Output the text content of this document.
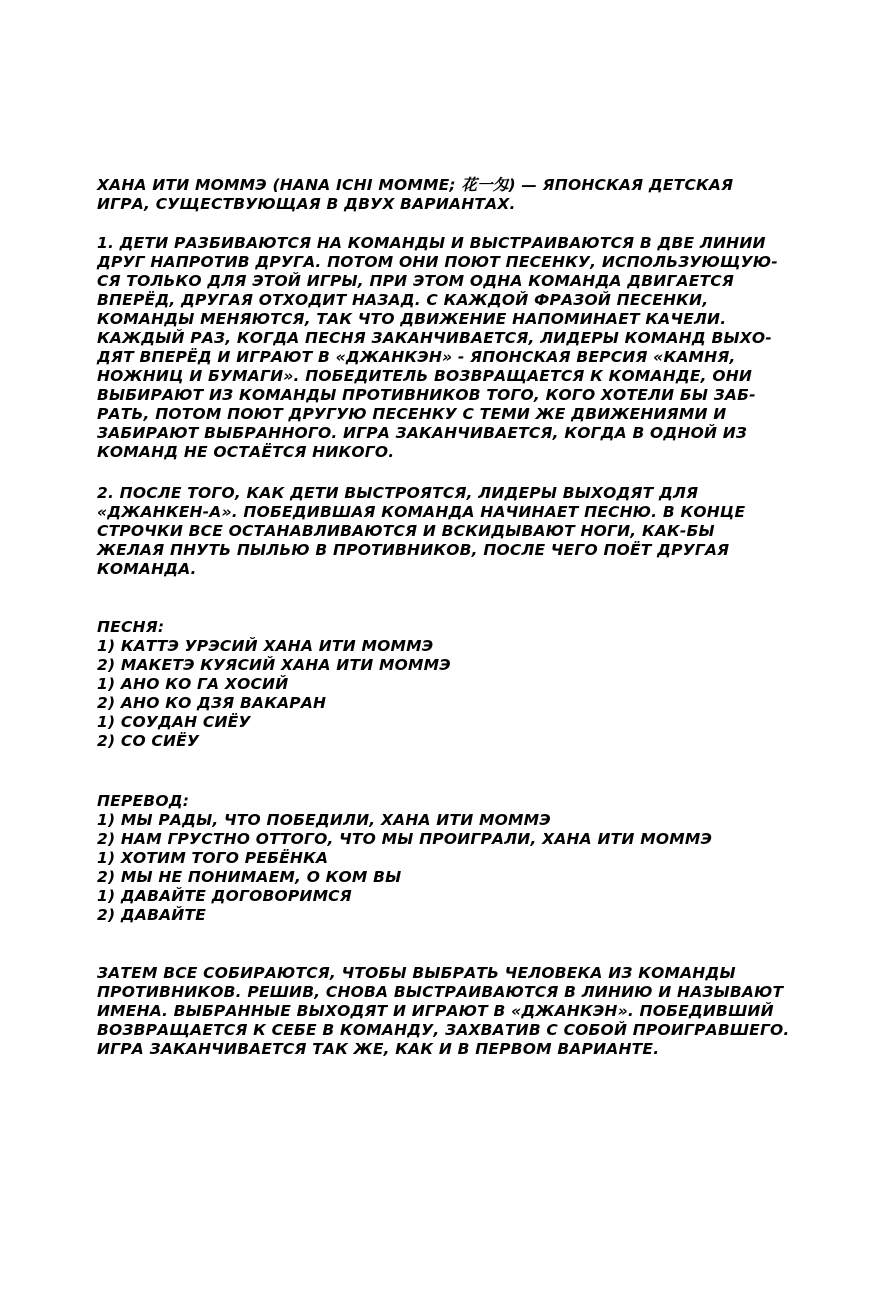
ХАНА ИТИ МОММЭ (HANA ICHI MOMME; 花一匁) — ЯПОНСКАЯ ДЕТСКАЯ
ИГРА, СУЩЕСТВУЮЩАЯ В ДВУХ ВАРИАНТАХ.
1. ДЕТИ РАЗБИВАЮТСЯ НА КОМАНДЫ И ВЫСТРАИВАЮТСЯ В ДВЕ ЛИНИИ
ДРУГ НАПРОТИВ ДРУГА. ПОТОМ ОНИ ПОЮТ ПЕСЕНКУ, ИСПОЛЬЗУЮЩУЮ-
СЯ ТОЛЬКО ДЛЯ ЭТОЙ ИГРЫ, ПРИ ЭТОМ ОДНА КОМАНДА ДВИГАЕТСЯ
ВПЕРЁД, ДРУГАЯ ОТХОДИТ НАЗАД. С КАЖДОЙ ФРАЗОЙ ПЕСЕНКИ,
КОМАНДЫ МЕНЯЮТСЯ, ТАК ЧТО ДВИЖЕНИЕ НАПОМИНАЕТ КАЧЕЛИ.
КАЖДЫЙ РАЗ, КОГДА ПЕСНЯ ЗАКАНЧИВАЕТСЯ, ЛИДЕРЫ КОМАНД ВЫХО-
ДЯТ ВПЕРЁД И ИГРАЮТ В «ДЖАНКЭН» - ЯПОНСКАЯ ВЕРСИЯ «КАМНЯ,
НОЖНИЦ И БУМАГИ». ПОБЕДИТЕЛЬ ВОЗВРАЩАЕТСЯ К КОМАНДЕ, ОНИ
ВЫБИРАЮТ ИЗ КОМАНДЫ ПРОТИВНИКОВ ТОГО, КОГО ХОТЕЛИ БЫ ЗАБ-
РАТЬ, ПОТОМ ПОЮТ ДРУГУЮ ПЕСЕНКУ С ТЕМИ ЖЕ ДВИЖЕНИЯМИ И
ЗАБИРАЮТ ВЫБРАННОГО. ИГРА ЗАКАНЧИВАЕТСЯ, КОГДА В ОДНОЙ ИЗ
КОМАНД НЕ ОСТАЁТСЯ НИКОГО.
2. ПОСЛЕ ТОГО, КАК ДЕТИ ВЫСТРОЯТСЯ, ЛИДЕРЫ ВЫХОДЯТ ДЛЯ
«ДЖАНКЕН-А». ПОБЕДИВШАЯ КОМАНДА НАЧИНАЕТ ПЕСНЮ. В КОНЦЕ
СТРОЧКИ ВСЕ ОСТАНАВЛИВАЮТСЯ И ВСКИДЫВАЮТ НОГИ, КАК-БЫ
ЖЕЛАЯ ПНУТЬ ПЫЛЬЮ В ПРОТИВНИКОВ, ПОСЛЕ ЧЕГО ПОЁТ ДРУГАЯ
КОМАНДА.
ПЕСНЯ:
1) КАТТЭ УРЭСИЙ ХАНА ИТИ МОММЭ
2) МАКЕТЭ КУЯСИЙ ХАНА ИТИ МОММЭ
1) АНО КО ГА ХОСИЙ
2) АНО КО ДЗЯ ВАКАРАН
1) СОУДАН СИЁУ
2) СО СИЁУ
ПЕРЕВОД:
1) МЫ РАДЫ, ЧТО ПОБЕДИЛИ, ХАНА ИТИ МОММЭ
2) НАМ ГРУСТНО ОТТОГО, ЧТО МЫ ПРОИГРАЛИ, ХАНА ИТИ МОММЭ
1) ХОТИМ ТОГО РЕБЁНКА
2) МЫ НЕ ПОНИМАЕМ, О КОМ ВЫ
1) ДАВАЙТЕ ДОГОВОРИМСЯ
2) ДАВАЙТЕ
ЗАТЕМ ВСЕ СОБИРАЮТСЯ, ЧТОБЫ ВЫБРАТЬ ЧЕЛОВЕКА ИЗ КОМАНДЫ
ПРОТИВНИКОВ. РЕШИВ, СНОВА ВЫСТРАИВАЮТСЯ В ЛИНИЮ И НАЗЫВАЮТ
ИМЕНА. ВЫБРАННЫЕ ВЫХОДЯТ И ИГРАЮТ В «ДЖАНКЭН». ПОБЕДИВШИЙ
ВОЗВРАЩАЕТСЯ К СЕБЕ В КОМАНДУ, ЗАХВАТИВ С СОБОЙ ПРОИГРАВШЕГО.
ИГРА ЗАКАНЧИВАЕТСЯ ТАК ЖЕ, КАК И В ПЕРВОМ ВАРИАНТЕ.
